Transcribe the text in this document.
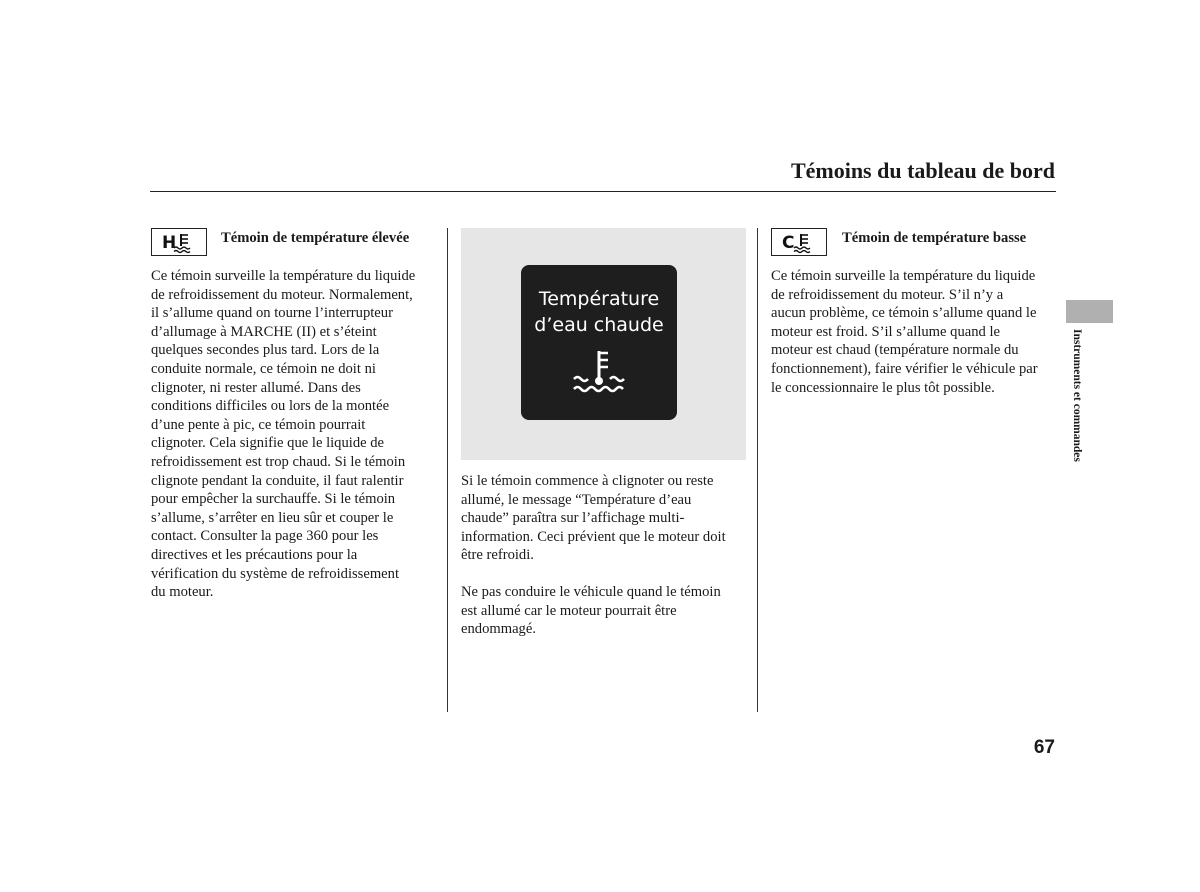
Témoins du tableau de bord
H	Témoin de température élevée

Ce témoin surveille la température du liquide

de refroidissement du moteur. Normalement,

il s’allume quand on tourne l’interrupteur

d’allumage à MARCHE (II) et s’éteint

quelques secondes plus tard. Lors de la

conduite normale, ce témoin ne doit ni

clignoter, ni rester allumé. Dans des

conditions difficiles ou lors de la montée

d’une pente à pic, ce témoin pourrait

clignoter. Cela signifie que le liquide de

refroidissement est trop chaud. Si le témoin

clignote pendant la conduite, il faut ralentir

pour empêcher la surchauffe. Si le témoin

s’allume, s’arrêter en lieu sûr et couper le

contact. Consulter la page 360 pour les

directives et les précautions pour la

vérification du système de refroidissement

du moteur.

Température
d’eau chaude

Si le témoin commence à clignoter ou reste

allumé, le message “Température d’eau

chaude” paraîtra sur l’affichage multi-

information. Ceci prévient que le moteur doit

être refroidi.

Ne pas conduire le véhicule quand le témoin

est allumé car le moteur pourrait être

endommagé.

C	Témoin de température basse

Ce témoin surveille la température du liquide

de refroidissement du moteur. S’il n’y a

aucun problème, ce témoin s’allume quand le

moteur est froid. S’il s’allume quand le

moteur est chaud (température normale du

fonctionnement), faire vérifier le véhicule par

le concessionnaire le plus tôt possible.	Instruments et commandes
67
